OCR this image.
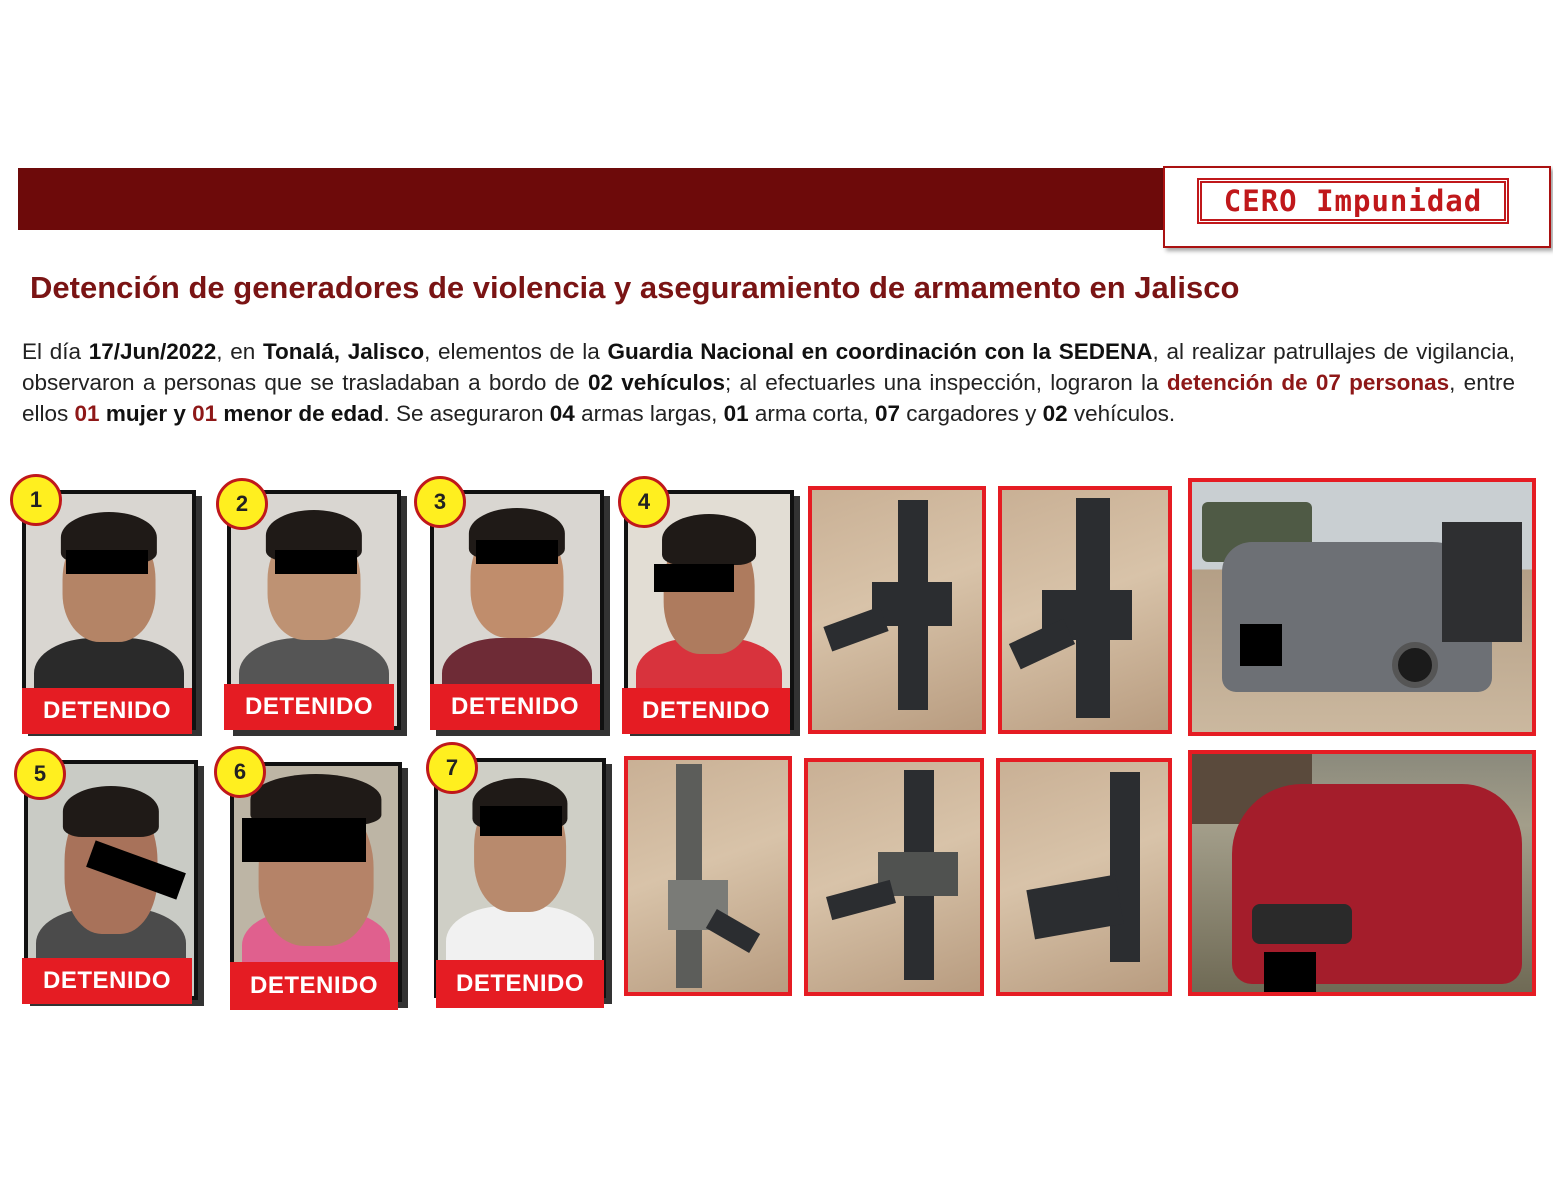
CERO Impunidad
Detención de generadores de violencia y aseguramiento de armamento en Jalisco
El día 17/Jun/2022, en Tonalá, Jalisco, elementos de la Guardia Nacional en coordinación con la SEDENA, al realizar patrullajes de vigilancia, observaron a personas que se trasladaban a bordo de 02 vehículos; al efectuarles una inspección, lograron la detención de 07 personas, entre ellos 01 mujer y 01 menor de edad. Se aseguraron 04 armas largas, 01 arma corta, 07 cargadores y 02 vehículos.
1
DETENIDO
2
DETENIDO
3
DETENIDO
4
DETENIDO
5
DETENIDO
6
DETENIDO
7
DETENIDO
